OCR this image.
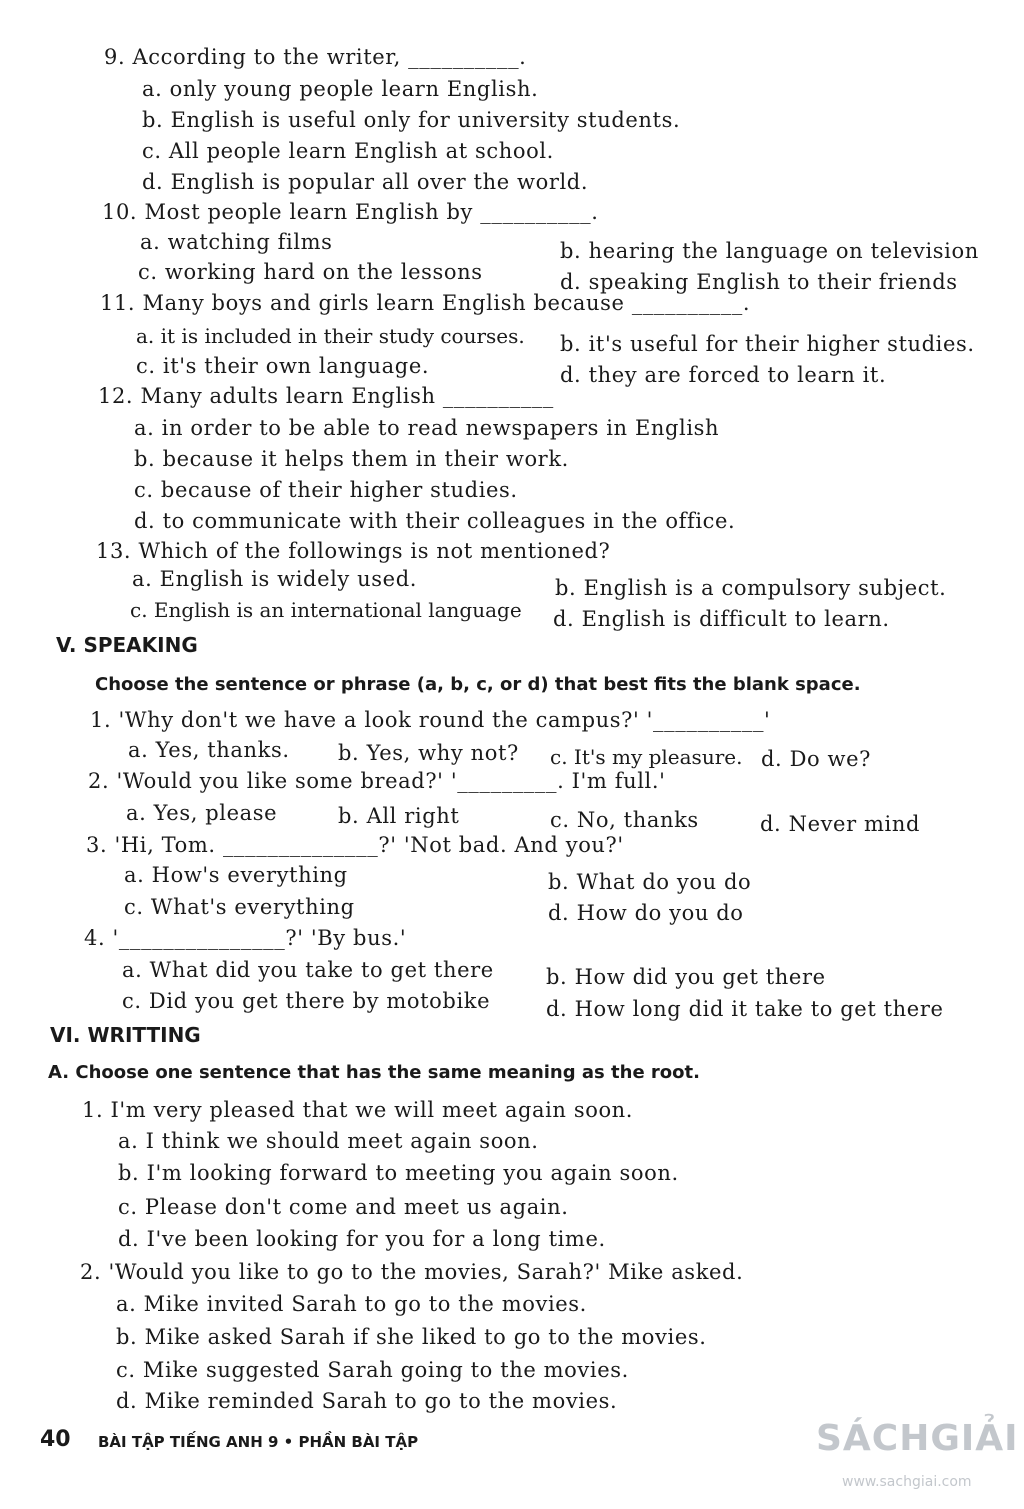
9. According to the writer, __________.
a. only young people learn English.
b. English is useful only for university students.
c. All people learn English at school.
d. English is popular all over the world.
10. Most people learn English by __________.
a. watching films	b. hearing the language on television
c. working hard on the lessons	d. speaking English to their friends
11. Many boys and girls learn English because __________.
a. it is included in their study courses. b. it's useful for their higher studies.
c. it's their own language.	d. they are forced to learn it.
12. Many adults learn English __________
a. in order to be able to read newspapers in English
b. because it helps them in their work.
c. because of their higher studies.
d. to communicate with their colleagues in the office.
13. Which of the followings is not mentioned?
a. English is widely used.	b. English is a compulsory subject.
c. English is an international language d. English is difficult to learn.
V. SPEAKING
Choose the sentence or phrase (a, b, c, or d) that best fits the blank space.
1. 'Why don't we have a look round the campus?' '__________'
a. Yes, thanks. b. Yes, why not? c. It's my pleasure. d. Do we?
2. 'Would you like some bread?' '_________. I'm full.'
a. Yes, please	b. All right	c. No, thanks	d. Never mind
3. 'Hi, Tom. ______________?' 'Not bad. And you?'
a. How's everything	b. What do you do
c. What's everything	d. How do you do
4. '_______________?' 'By bus.'
a. What did you take to get there b. How did you get there
c. Did you get there by motobike	d. How long did it take to get there
VI. WRITTING
A. Choose one sentence that has the same meaning as the root.
1. I'm very pleased that we will meet again soon.
a. I think we should meet again soon.
b. I'm looking forward to meeting you again soon.
c. Please don't come and meet us again.
d. I've been looking for you for a long time.
2. 'Would you like to go to the movies, Sarah?' Mike asked.
a. Mike invited Sarah to go to the movies.
b. Mike asked Sarah if she liked to go to the movies.
c. Mike suggested Sarah going to the movies.
d. Mike reminded Sarah to go to the movies.
40 BÀI TẬP TIẾNG ANH 9 • PHẦN BÀI TẬP	SÁCHGIẢI
www.sachgiai.com
